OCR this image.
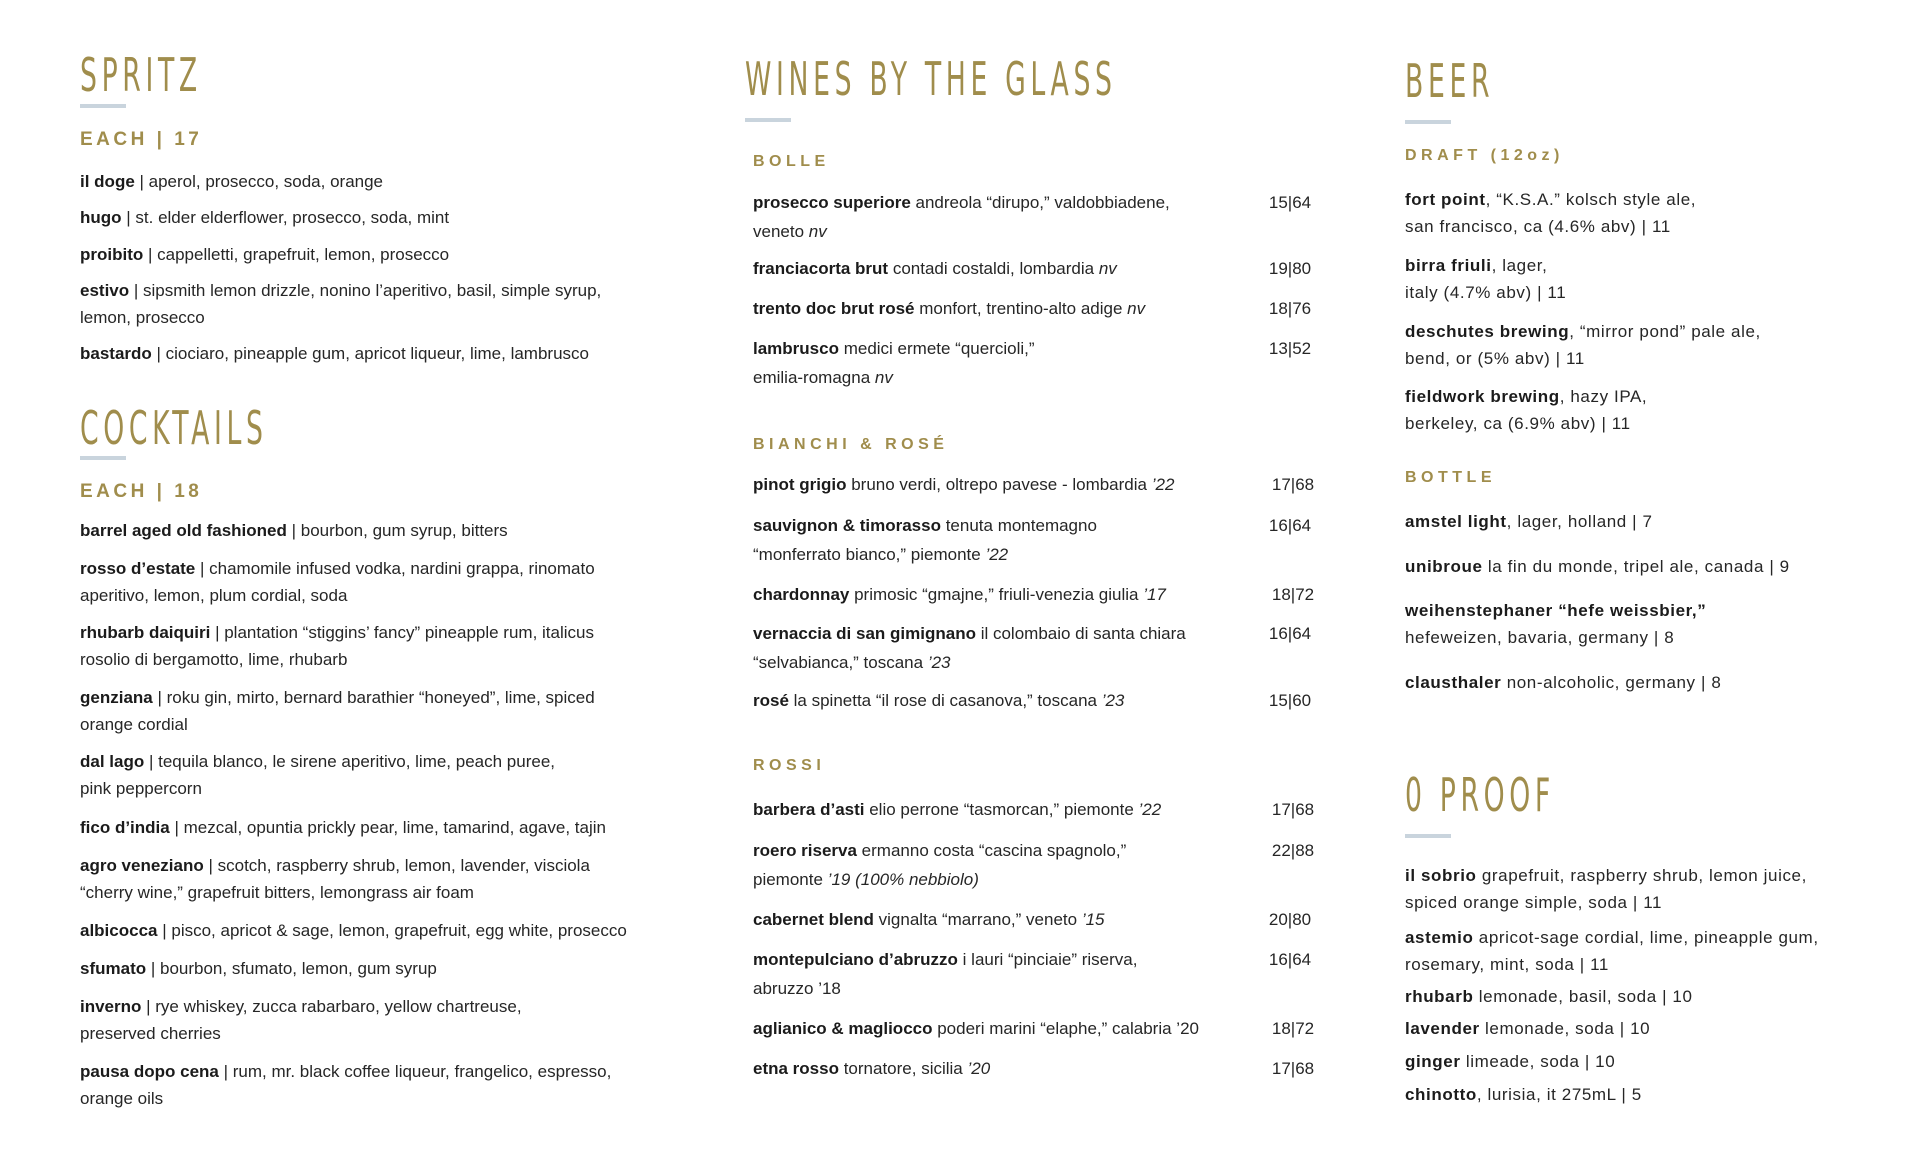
SPRITZ
EACH | 17
il doge | aperol, prosecco, soda, orange
hugo | st. elder elderflower, prosecco, soda, mint
proibito | cappelletti, grapefruit, lemon, prosecco
estivo | sipsmith lemon drizzle, nonino l’aperitivo, basil, simple syrup,
lemon, prosecco
bastardo | ciociaro, pineapple gum, apricot liqueur, lime, lambrusco
COCKTAILS
EACH | 18
barrel aged old fashioned | bourbon, gum syrup, bitters
rosso d’estate | chamomile infused vodka, nardini grappa, rinomato
aperitivo, lemon, plum cordial, soda
rhubarb daiquiri | plantation “stiggins’ fancy” pineapple rum, italicus
rosolio di bergamotto, lime, rhubarb
genziana | roku gin, mirto, bernard barathier “honeyed”, lime, spiced
orange cordial
dal lago | tequila blanco, le sirene aperitivo, lime, peach puree,
pink peppercorn
fico d’india | mezcal, opuntia prickly pear, lime, tamarind, agave, tajin
agro veneziano | scotch, raspberry shrub, lemon, lavender, visciola
“cherry wine,” grapefruit bitters, lemongrass air foam
albicocca | pisco, apricot & sage, lemon, grapefruit, egg white, prosecco
sfumato | bourbon, sfumato, lemon, gum syrup
inverno | rye whiskey, zucca rabarbaro, yellow chartreuse,
preserved cherries
pausa dopo cena | rum, mr. black coffee liqueur, frangelico, espresso,
orange oils
WINES BY THE GLASS
BOLLE
prosecco superiore andreola “dirupo,” valdobbiadene,
veneto nv
15|64
franciacorta brut contadi costaldi, lombardia nv	19|80
trento doc brut rosé monfort, trentino-alto adige nv	18|76
lambrusco medici ermete “quercioli,”
emilia-romagna nv
13|52
BIANCHI & ROSÉ
pinot grigio bruno verdi, oltrepo pavese - lombardia ’22	17|68
sauvignon & timorasso tenuta montemagno
“monferrato bianco,” piemonte ’22
16|64
chardonnay primosic “gmajne,” friuli-venezia giulia ’17	18|72
vernaccia di san gimignano il colombaio di santa chiara
“selvabianca,” toscana ’23
16|64
rosé la spinetta “il rose di casanova,” toscana ’23	15|60
ROSSI
barbera d’asti elio perrone “tasmorcan,” piemonte ’22	17|68
roero riserva ermanno costa “cascina spagnolo,”
piemonte ’19 (100% nebbiolo)
22|88
cabernet blend vignalta “marrano,” veneto ’15	20|80
montepulciano d’abruzzo i lauri “pinciaie” riserva,
abruzzo ’18
16|64
aglianico & magliocco poderi marini “elaphe,” calabria ’20	18|72
etna rosso tornatore, sicilia ’20	17|68
BEER
DRAFT (12oz)
fort point, “K.S.A.” kolsch style ale,
san francisco, ca (4.6% abv) | 11
birra friuli, lager,
italy (4.7% abv) | 11
deschutes brewing, “mirror pond” pale ale,
bend, or (5% abv) | 11
fieldwork brewing, hazy IPA,
berkeley, ca (6.9% abv) | 11
BOTTLE
amstel light, lager, holland | 7
unibroue la fin du monde, tripel ale, canada | 9
weihenstephaner “hefe weissbier,”
hefeweizen, bavaria, germany | 8
clausthaler non-alcoholic, germany | 8
0 PROOF
il sobrio grapefruit, raspberry shrub, lemon juice,
spiced orange simple, soda | 11
astemio apricot-sage cordial, lime, pineapple gum,
rosemary, mint, soda | 11
rhubarb lemonade, basil, soda | 10
lavender lemonade, soda | 10
ginger limeade, soda | 10
chinotto, lurisia, it 275mL | 5
